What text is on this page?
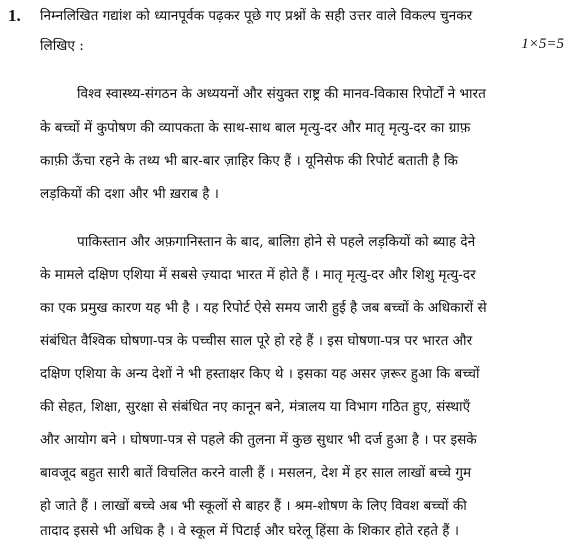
1. निम्नलिखित गद्यांश को ध्यानपूर्वक पढ़कर पूछे गए प्रश्नों के सही उत्तर वाले विकल्प चुनकर
लिखिए :	1×5=5
विश्व स्वास्थ्य-संगठन के अध्ययनों और संयुक्त राष्ट्र की मानव-विकास रिपोर्टों ने भारत
के बच्चों में कुपोषण की व्यापकता के साथ-साथ बाल मृत्यु-दर और मातृ मृत्यु-दर का ग्राफ़
काफ़ी ऊँचा रहने के तथ्य भी बार-बार ज़ाहिर किए हैं । यूनिसेफ की रिपोर्ट बताती है कि
लड़कियों की दशा और भी ख़राब है ।
पाकिस्तान और अफ़गानिस्तान के बाद, बालिग़ होने से पहले लड़कियों को ब्याह देने
के मामले दक्षिण एशिया में सबसे ज़्यादा भारत में होते हैं । मातृ मृत्यु-दर और शिशु मृत्यु-दर
का एक प्रमुख कारण यह भी है । यह रिपोर्ट ऐसे समय जारी हुई है जब बच्चों के अधिकारों से
संबंधित वैश्विक घोषणा-पत्र के पच्चीस साल पूरे हो रहे हैं । इस घोषणा-पत्र पर भारत और
दक्षिण एशिया के अन्य देशों ने भी हस्ताक्षर किए थे । इसका यह असर ज़रूर हुआ कि बच्चों
की सेहत, शिक्षा, सुरक्षा से संबंधित नए कानून बने, मंत्रालय या विभाग गठित हुए, संस्थाएँ
और आयोग बने । घोषणा-पत्र से पहले की तुलना में कुछ सुधार भी दर्ज हुआ है । पर इसके
बावजूद बहुत सारी बातें विचलित करने वाली हैं । मसलन, देश में हर साल लाखों बच्चे गुम
हो जाते हैं । लाखों बच्चे अब भी स्कूलों से बाहर हैं । श्रम-शोषण के लिए विवश बच्चों की
तादाद इससे भी अधिक है । वे स्कूल में पिटाई और घरेलू हिंसा के शिकार होते रहते हैं ।
